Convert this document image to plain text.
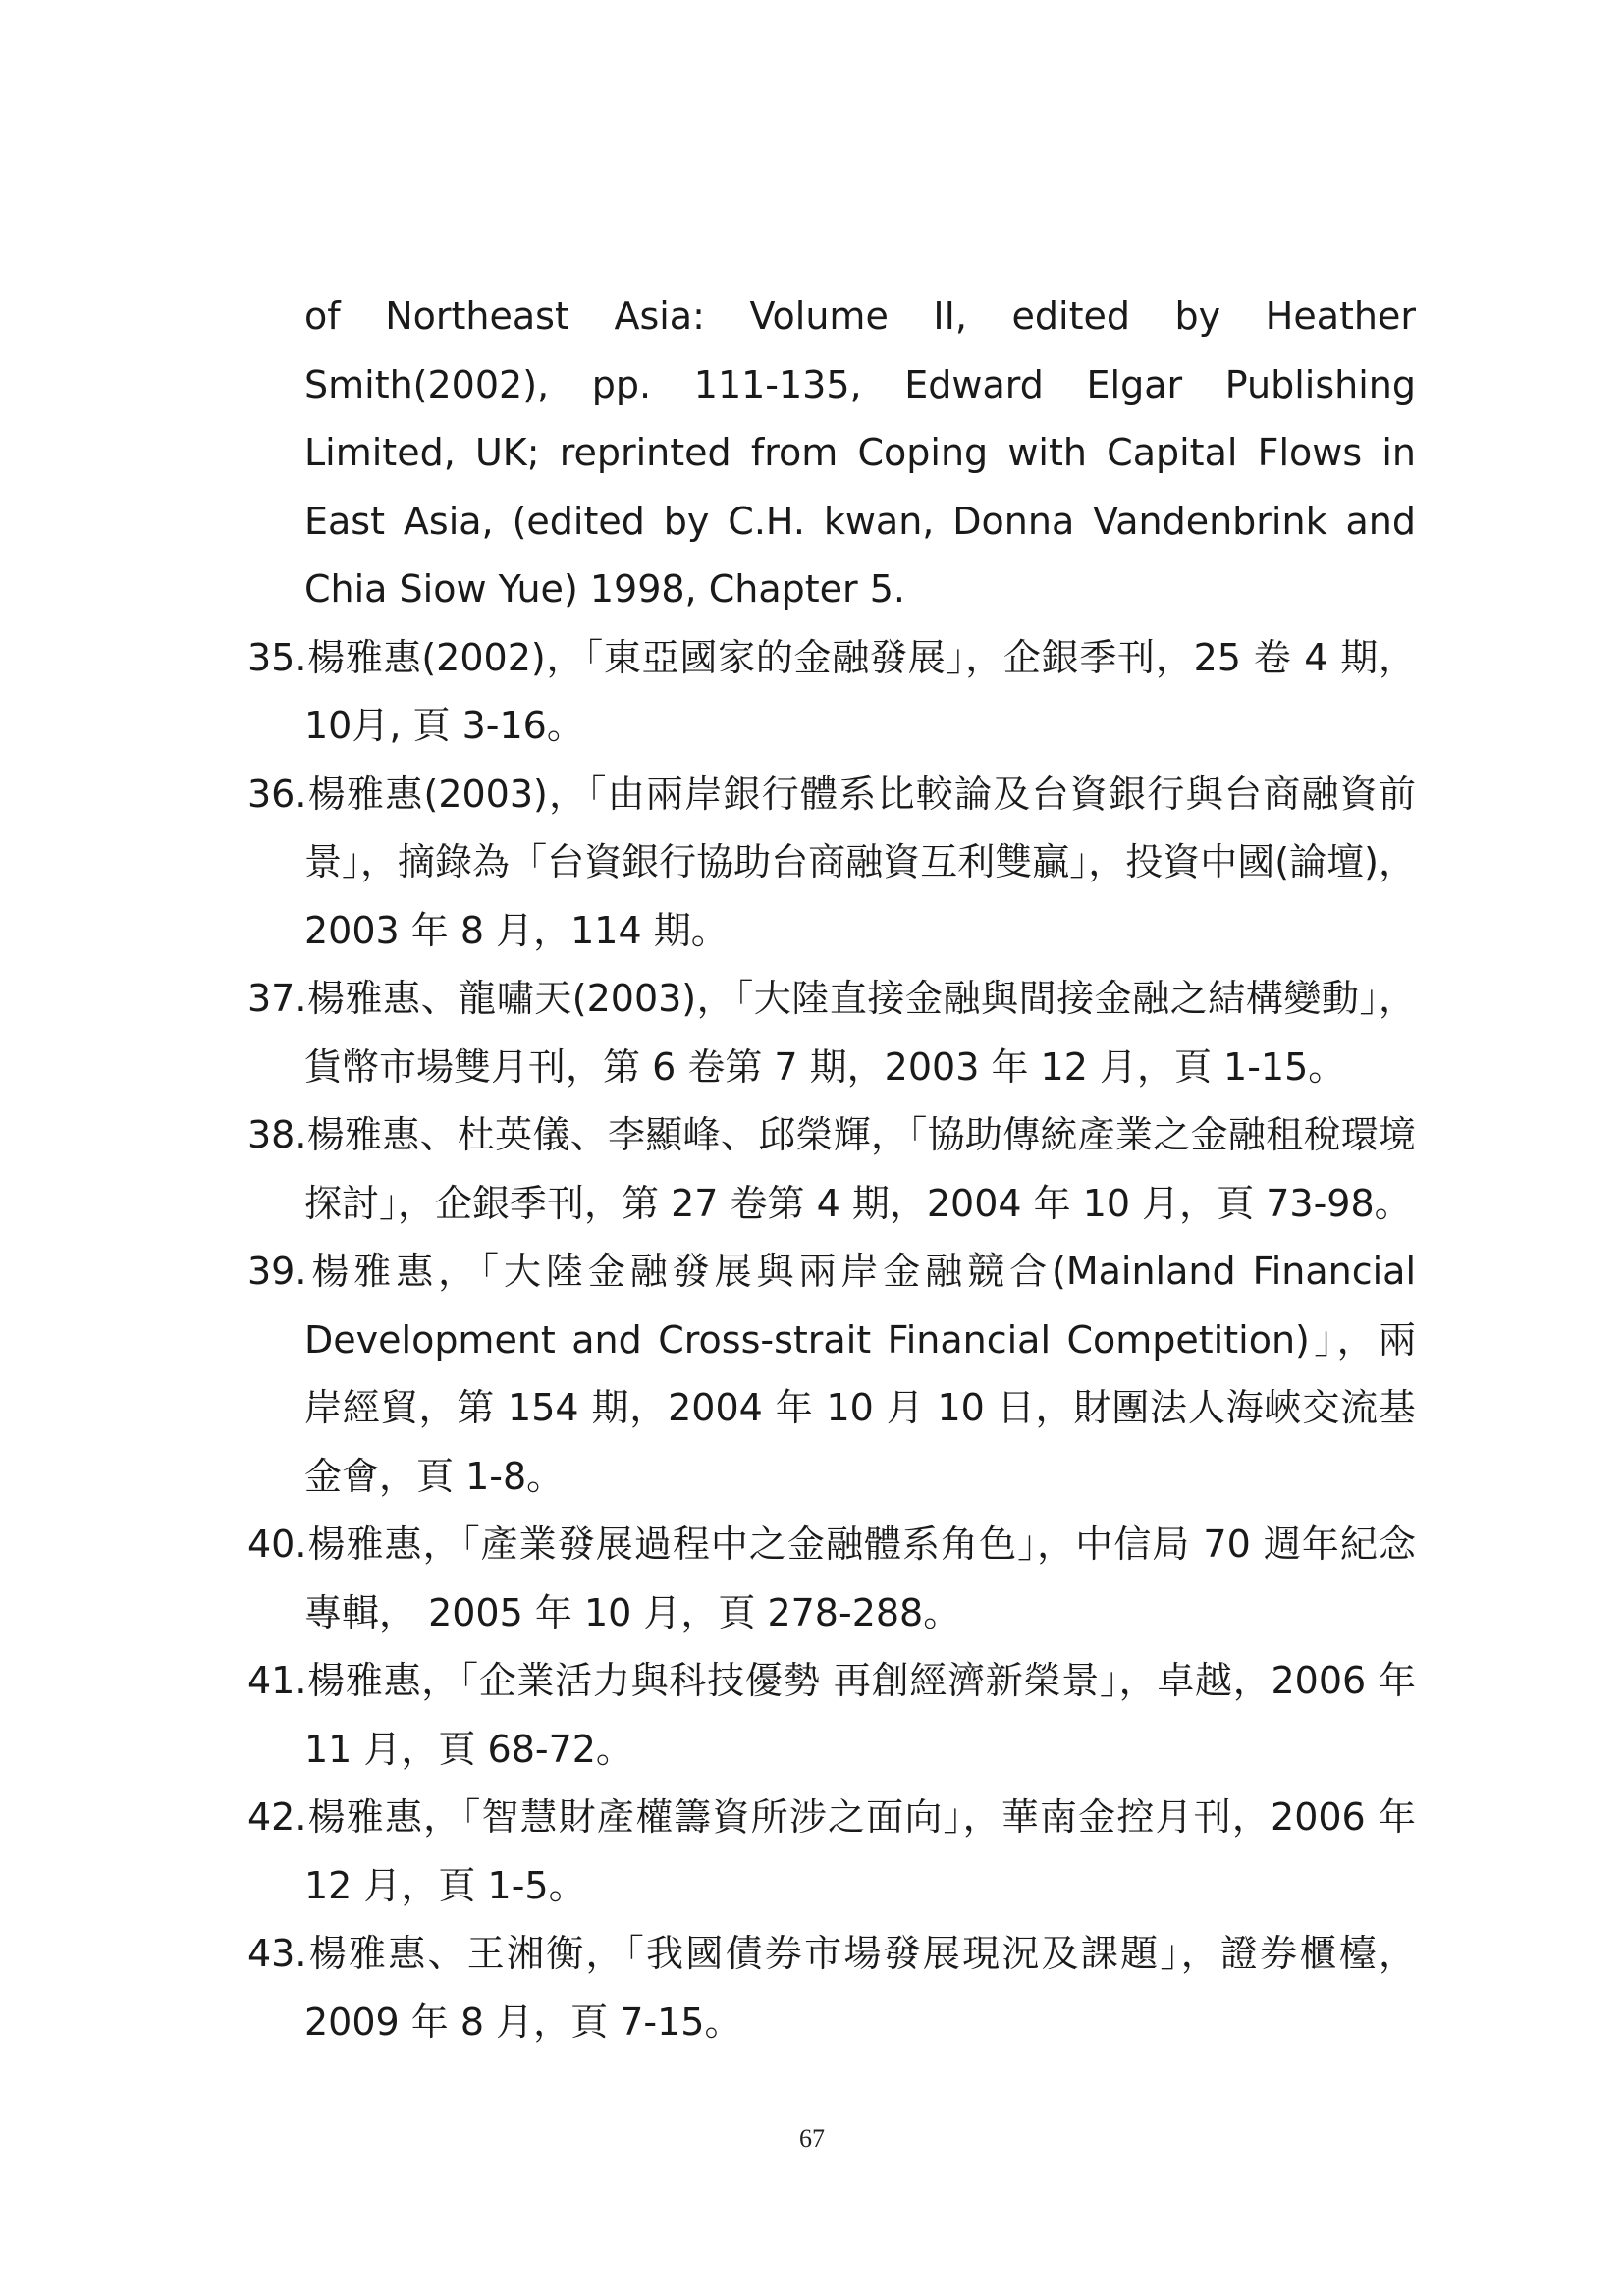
of Northeast Asia: Volume II, edited by Heather Smith(2002), pp. 111-135, Edward Elgar Publishing Limited, UK; reprinted from Coping with Capital Flows in East Asia, (edited by C.H. kwan, Donna Vandenbrink and Chia Siow Yue) 1998, Chapter 5.

35.楊雅惠(2002)，「東亞國家的金融發展」，企銀季刊，25 卷 4 期，10月, 頁 3-16。

36.楊雅惠(2003)，「由兩岸銀行體系比較論及台資銀行與台商融資前景」，摘錄為「台資銀行協助台商融資互利雙贏」，投資中國(論壇)，2003 年 8 月，114 期。

37.楊雅惠、龍嘯天(2003)，「大陸直接金融與間接金融之結構變動」，貨幣市場雙月刊，第 6 卷第 7 期，2003 年 12 月，頁 1-15。

38.楊雅惠、杜英儀、李顯峰、邱榮輝，「協助傳統產業之金融租稅環境探討」，企銀季刊，第 27 卷第 4 期，2004 年 10 月，頁 73-98。

39.楊雅惠，「大陸金融發展與兩岸金融競合(Mainland Financial Development and Cross-strait Financial Competition)」，兩岸經貿，第 154 期，2004 年 10 月 10 日，財團法人海峽交流基金會，頁 1-8。

40.楊雅惠，「產業發展過程中之金融體系角色」，中信局 70 週年紀念專輯， 2005 年 10 月，頁 278-288。

41.楊雅惠，「企業活力與科技優勢 再創經濟新榮景」，卓越，2006 年 11 月，頁 68-72。

42.楊雅惠，「智慧財產權籌資所涉之面向」，華南金控月刊，2006 年 12 月，頁 1-5。

43.楊雅惠、王湘衡，「我國債券市場發展現況及課題」，證券櫃檯，2009 年 8 月，頁 7-15。

67
